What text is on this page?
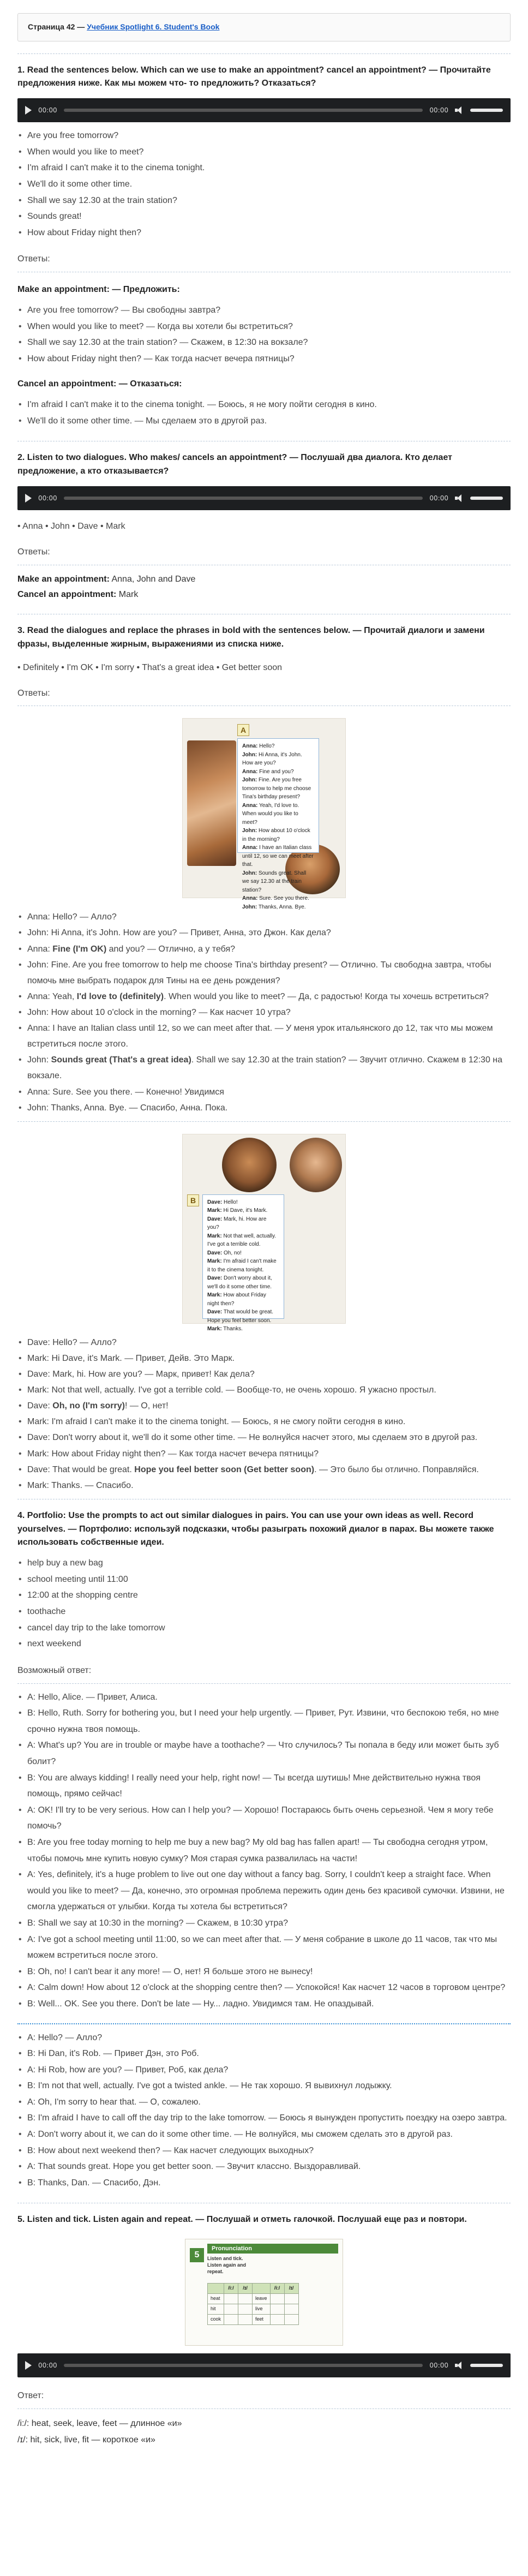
Страница 42 — Учебник Spotlight 6. Student's Book
1. Read the sentences below. Which can we use to make an appointment? cancel an appointment? — Прочитайте предложения ниже. Как мы можем что- то предложить? Отказаться?
00:00	00:00
• Are you free tomorrow?
• When would you like to meet?
• I'm afraid I can't make it to the cinema tonight.
• We'll do it some other time.
• Shall we say 12.30 at the train station?
• Sounds great!
• How about Friday night then?
Ответы:
Make an appointment: — Предложить:
• Are you free tomorrow? — Вы свободны завтра?
• When would you like to meet? — Когда вы хотели бы встретиться?
• Shall we say 12.30 at the train station? — Скажем, в 12:30 на вокзале?
• How about Friday night then? — Как тогда насчет вечера пятницы?
Cancel an appointment: — Отказаться:
• I'm afraid I can't make it to the cinema tonight. — Боюсь, я не могу пойти сегодня в кино.
• We'll do it some other time. — Мы сделаем это в другой раз.
2. Listen to two dialogues. Who makes/ cancels an appointment? — Послушай два диалога. Кто делает предложение, а кто отказывается?
00:00	00:00
• Anna • John • Dave • Mark
Ответы:
Make an appointment: Anna, John and Dave
Cancel an appointment: Mark
3. Read the dialogues and replace the phrases in bold with the sentences below. — Прочитай диалоги и замени фразы, выделенные жирным, выражениями из списка ниже.
• Definitely • I'm OK • I'm sorry • That's a great idea • Get better soon
Ответы:
A
Anna: Hello?
John: Hi Anna, it's John. How are you?
Anna: Fine and you?
John: Fine. Are you free tomorrow to help me choose Tina's birthday present?
Anna: Yeah, I'd love to. When would you like to meet?
John: How about 10 o'clock in the morning?
Anna: I have an Italian class until 12, so we can meet after that.
John: Sounds great. Shall we say 12.30 at the train station?
Anna: Sure. See you there.
John: Thanks, Anna. Bye.
• Anna: Hello? — Алло?
• John: Hi Anna, it's John. How are you? — Привет, Анна, это Джон. Как дела?
• Anna: Fine (I'm OK) and you? — Отлично, а у тебя?
• John: Fine. Are you free tomorrow to help me choose Tina's birthday present? — Отлично. Ты свободна завтра, чтобы помочь мне выбрать подарок для Тины на ее день рождения?
• Anna: Yeah, I'd love to (definitely). When would you like to meet? — Да, с радостью! Когда ты хочешь встретиться?
• John: How about 10 o'clock in the morning? — Как насчет 10 утра?
• Anna: I have an Italian class until 12, so we can meet after that. — У меня урок итальянского до 12, так что мы можем встретиться после этого.
• John: Sounds great (That's a great idea). Shall we say 12.30 at the train station? — Звучит отлично. Скажем в 12:30 на вокзале.
• Anna: Sure. See you there. — Конечно! Увидимся
• John: Thanks, Anna. Bye. — Спасибо, Анна. Пока.
B	Dave: Hello!
Mark: Hi Dave, it's Mark.
Dave: Mark, hi. How are you?
Mark: Not that well, actually. I've got a terrible cold.
Dave: Oh, no!
Mark: I'm afraid I can't make it to the cinema tonight.
Dave: Don't worry about it, we'll do it some other time.
Mark: How about Friday night then?
Dave: That would be great. Hope you feel better soon.
Mark: Thanks.
• Dave: Hello? — Алло?
• Mark: Hi Dave, it's Mark. — Привет, Дейв. Это Марк.
• Dave: Mark, hi. How are you? — Марк, привет! Как дела?
• Mark: Not that well, actually. I've got a terrible cold. — Вообще-то, не очень хорошо. Я ужасно простыл.
• Dave: Oh, no (I'm sorry)! — О, нет!
• Mark: I'm afraid I can't make it to the cinema tonight. — Боюсь, я не смогу пойти сегодня в кино.
• Dave: Don't worry about it, we'll do it some other time. — Не волнуйся насчет этого, мы сделаем это в другой раз.
• Mark: How about Friday night then? — Как тогда насчет вечера пятницы?
• Dave: That would be great. Hope you feel better soon (Get better soon). — Это было бы отлично. Поправляйся.
• Mark: Thanks. — Спасибо.
4. Portfolio: Use the prompts to act out similar dialogues in pairs. You can use your own ideas as well. Record yourselves. — Портфолио: используй подсказки, чтобы разыграть похожий диалог в парах. Вы можете также использовать собственные идеи.
• help buy a new bag
• school meeting until 11:00
• 12:00 at the shopping centre
• toothache
• cancel day trip to the lake tomorrow
• next weekend
Возможный ответ:
• A: Hello, Alice. — Привет, Алиса.
• B: Hello, Ruth. Sorry for bothering you, but I need your help urgently. — Привет, Рут. Извини, что беспокою тебя, но мне срочно нужна твоя помощь.
• A: What's up? You are in trouble or maybe have a toothache? — Что случилось? Ты попала в беду или может быть зуб болит?
• B: You are always kidding! I really need your help, right now! — Ты всегда шутишь! Мне действительно нужна твоя помощь, прямо сейчас!
• A: OK! I'll try to be very serious. How can I help you? — Хорошо! Постараюсь быть очень серьезной. Чем я могу тебе помочь?
• B: Are you free today morning to help me buy a new bag? My old bag has fallen apart! — Ты свободна сегодня утром, чтобы помочь мне купить новую сумку? Моя старая сумка развалилась на части!
• A: Yes, definitely, it's a huge problem to live out one day without a fancy bag. Sorry, I couldn't keep a straight face. When would you like to meet? — Да, конечно, это огромная проблема пережить один день без красивой сумочки. Извини, не смогла удержаться от улыбки. Когда ты хотела бы встретиться?
• B: Shall we say at 10:30 in the morning? — Скажем, в 10:30 утра?
• A: I've got a school meeting until 11:00, so we can meet after that. — У меня собрание в школе до 11 часов, так что мы можем встретиться после этого.
• B: Oh, no! I can't bear it any more! — О, нет! Я больше этого не вынесу!
• A: Calm down! How about 12 o'clock at the shopping centre then? — Успокойся! Как насчет 12 часов в торговом центре?
• B: Well... OK. See you there. Don't be late — Ну... ладно. Увидимся там. Не опаздывай.
• A: Hello? — Алло?
• B: Hi Dan, it's Rob. — Привет Дэн, это Роб.
• A: Hi Rob, how are you? — Привет, Роб, как дела?
• B: I'm not that well, actually. I've got a twisted ankle. — Не так хорошо. Я вывихнул лодыжку.
• A: Oh, I'm sorry to hear that. — О, сожалею.
• B: I'm afraid I have to call off the day trip to the lake tomorrow. — Боюсь я вынужден пропустить поездку на озеро завтра.
• A: Don't worry about it, we can do it some other time. — Не волнуйся, мы сможем сделать это в другой раз.
• B: How about next weekend then? — Как насчет следующих выходных?
• A: That sounds great. Hope you get better soon. — Звучит классно. Выздоравливай.
• B: Thanks, Dan. — Спасибо, Дэн.
5. Listen and tick. Listen again and repeat. — Послушай и отметь галочкой. Послушай еще раз и повтори.
5
Pronunciation
Listen and tick. Listen again and repeat.
	/i:/	/ɪ/		/i:/	/ɪ/
heat			leave		
hit			live		
cook			feet		
00:00	00:00
Ответ:
/i:/: heat, seek, leave, feet — длинное «и»
/ɪ/: hit, sick, live, fit — короткое «и»
